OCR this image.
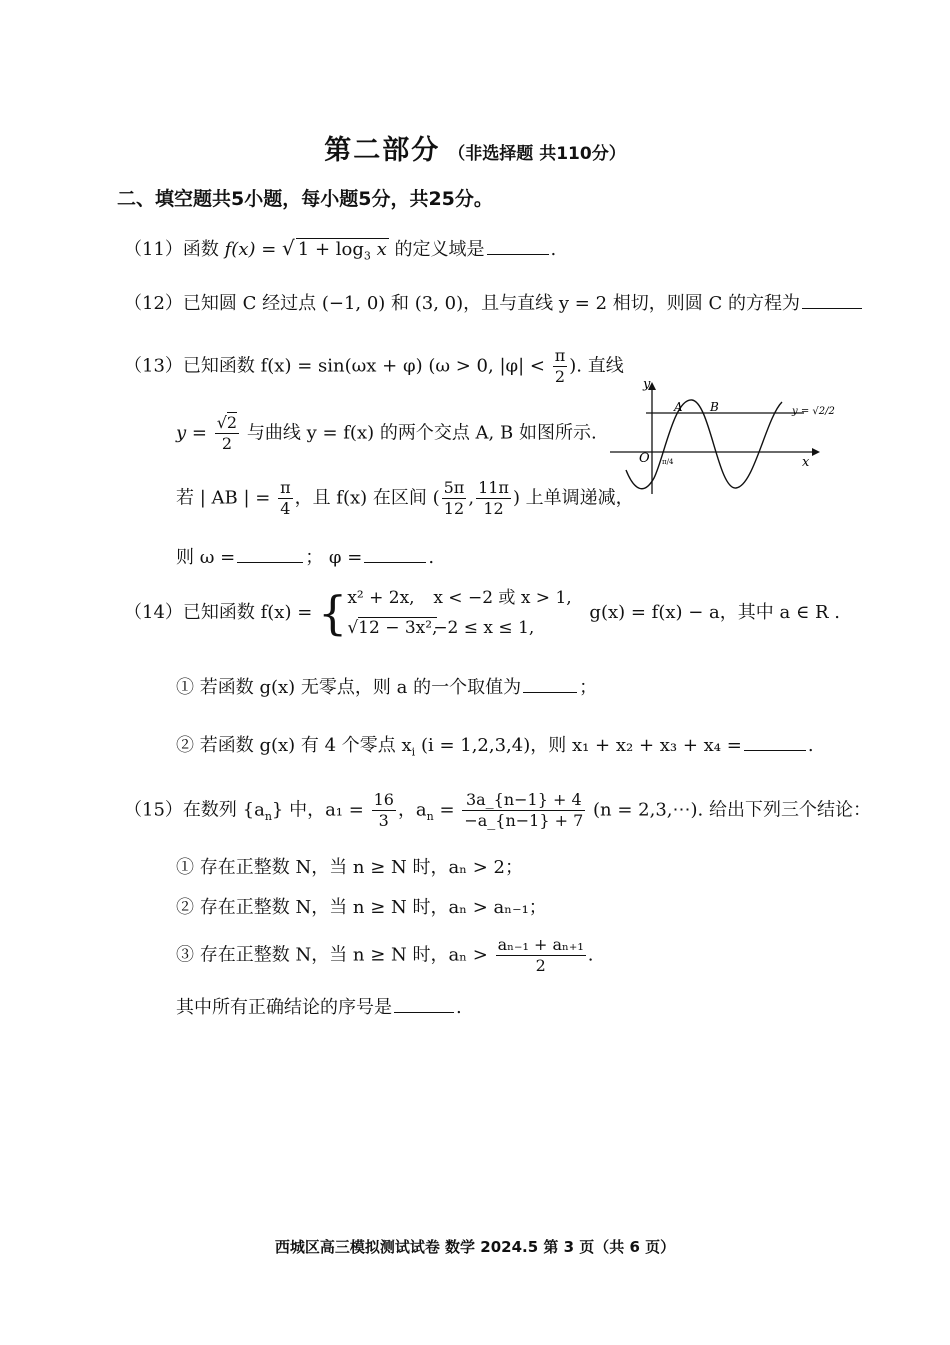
第二部分 （非选择题 共110分）
二、填空题共5小题，每小题5分，共25分。
（11）函数 f(x) = √ $1 + \log_3 x$ 的定义域是	.
（12）已知圆 C 经过点 (−1, 0) 和 (3, 0)，且与直线 y = 2 相切，则圆 C 的方程为
（13）已知函数 f(x) = sin(ωx + φ) (ω > 0, $|\varphi| < \frac{\pi}{2}$ ). 直线
$y = \frac{√2}{2}$ 与曲线 y = f(x) 的两个交点 A, B 如图所示.
若 | AB | = $\frac{\pi}{4}$ ，且 f(x) 在区间 ( $\frac{5\pi}{12}$ , $\frac{11\pi}{12}$ ) 上单调递减，
则 ω =	； φ =	.
y
x
O
A B	y = √2/2
π/4
（14）已知函数 f(x) = { x² + 2x, x < −2 或 x > 1,
√12 − 3x²,−2 ≤ x ≤ 1,
g(x) = f(x) − a，其中 a ∈ R .
① 若函数 g(x) 无零点，则 a 的一个取值为	；
② 若函数 g(x) 有 4 个零点 $x_i$ (i = 1,2,3,4)，则 x₁ + x₂ + x₃ + x₄ =	.
（15）在数列 $\{a_n\}$ 中，$a_1 = \frac{16}{3}$ ，$a_n = \frac{3a\_\{n-1\} + 4}{-a\_\{n-1\} + 7} (n$ = 2,3,⋯). 给出下列三个结论：
① 存在正整数 N，当 n ≥ N 时，aₙ > 2；
② 存在正整数 N，当 n ≥ N 时，aₙ > aₙ₋₁；
③ 存在正整数 N，当 n ≥ N 时，$a_n > \frac{\text{aₙ₋₁ + aₙ₊₁}}{2}$ .
其中所有正确结论的序号是	.
西城区高三模拟测试试卷 数学 2024.5 第 3 页（共 6 页）
